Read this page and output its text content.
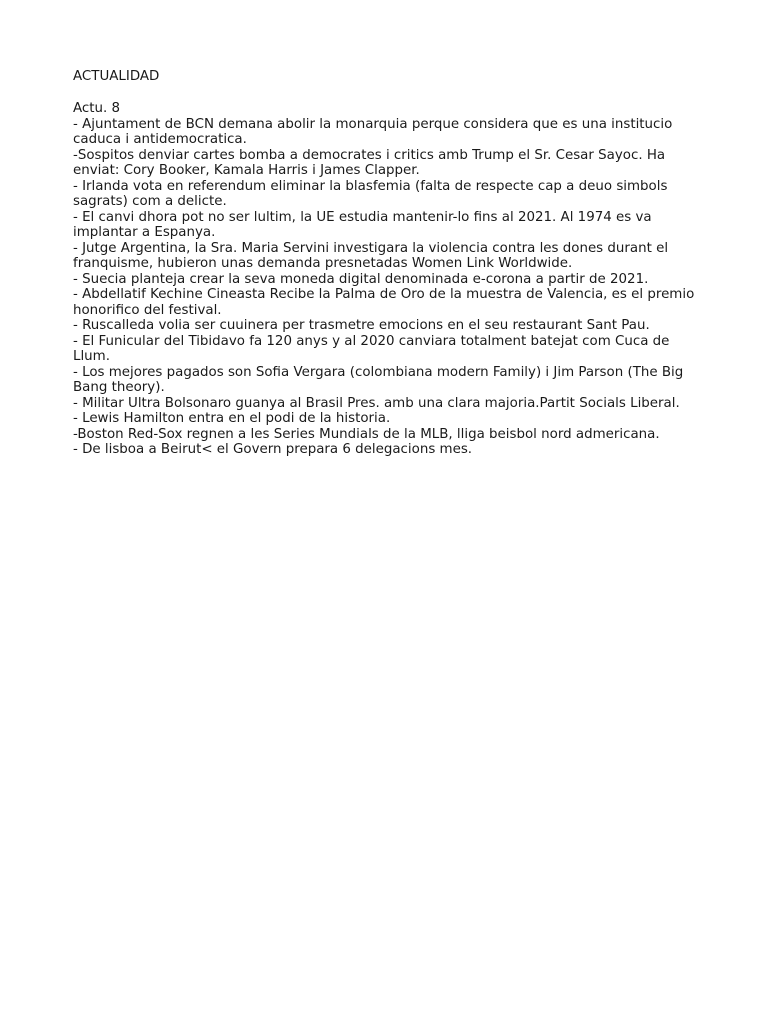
ACTUALIDAD
Actu. 8
- Ajuntament de BCN demana abolir la monarquia perque considera que es una institucio caduca i antidemocratica.
-Sospitos denviar cartes bomba a democrates i critics amb Trump el Sr. Cesar Sayoc. Ha enviat: Cory Booker, Kamala Harris i James Clapper.
- Irlanda vota en referendum eliminar la blasfemia (falta de respecte cap a deuo simbols sagrats) com a delicte.
- El canvi dhora pot no ser lultim, la UE estudia mantenir-lo fins al 2021. Al 1974 es va implantar a Espanya.
- Jutge Argentina, la Sra. Maria Servini investigara la violencia contra les dones durant el franquisme, hubieron unas demanda presnetadas Women Link Worldwide.
- Suecia planteja crear la seva moneda digital denominada e-corona a partir de 2021.
- Abdellatif Kechine Cineasta Recibe la Palma de Oro de la muestra de Valencia, es el premio honorifico del festival.
- Ruscalleda volia ser cuuinera per trasmetre emocions en el seu restaurant Sant Pau.
- El Funicular del Tibidavo fa 120 anys y al 2020 canviara totalment batejat com Cuca de Llum.
- Los mejores pagados son Sofia Vergara (colombiana modern Family) i Jim Parson (The Big Bang theory).
- Militar Ultra Bolsonaro guanya al Brasil Pres. amb una clara majoria.Partit Socials Liberal.
- Lewis Hamilton entra en el podi de la historia.
-Boston Red-Sox regnen a les Series Mundials de la MLB, lliga beisbol nord admericana.
- De lisboa a Beirut< el Govern prepara 6 delegacions mes.
